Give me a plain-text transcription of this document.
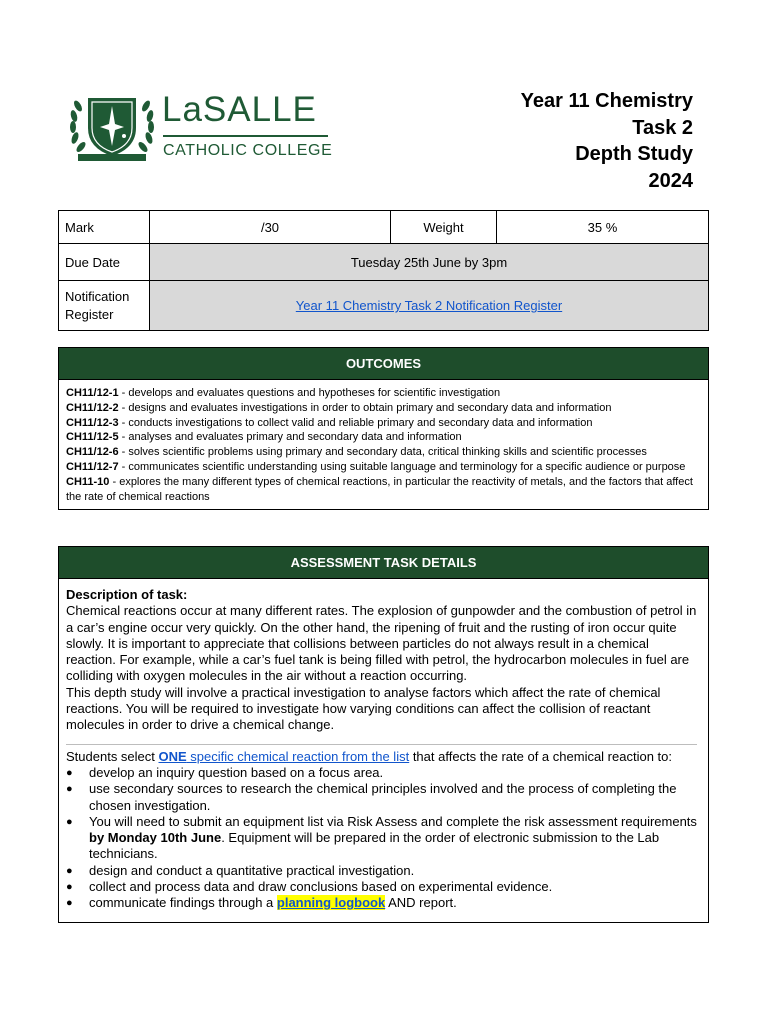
LaSALLE
CATHOLIC COLLEGE
Year 11 Chemistry
Task 2
Depth Study
2024
Mark	/30	Weight	35 %
Due Date	Tuesday 25th June by 3pm		
Notification
Register	Year 11 Chemistry Task 2 Notification Register		
OUTCOMES
CH11/12-1 - develops and evaluates questions and hypotheses for scientific investigation
CH11/12-2 - designs and evaluates investigations in order to obtain primary and secondary data and information
CH11/12-3 - conducts investigations to collect valid and reliable primary and secondary data and information
CH11/12-5 - analyses and evaluates primary and secondary data and information
CH11/12-6 - solves scientific problems using primary and secondary data, critical thinking skills and scientific processes
CH11/12-7 - communicates scientific understanding using suitable language and terminology for a specific audience or purpose
CH11-10 - explores the many different types of chemical reactions, in particular the reactivity of metals, and the factors that affect the rate of chemical reactions
ASSESSMENT TASK DETAILS

Description of task:

Chemical reactions occur at many different rates. The explosion of gunpowder and the combustion of petrol in a car’s engine occur very quickly. On the other hand, the ripening of fruit and the rusting of iron occur quite slowly. It is important to appreciate that collisions between particles do not always result in a chemical reaction. For example, while a car’s fuel tank is being filled with petrol, the hydrocarbon molecules in fuel are colliding with oxygen molecules in the air without a reaction occurring.

This depth study will involve a practical investigation to analyse factors which affect the rate of chemical reactions. You will be required to investigate how varying conditions can affect the collision of reactant molecules in order to drive a chemical change.

Students select ONE specific chemical reaction from the list that affects the rate of a chemical reaction to:

● develop an inquiry question based on a focus area.
● use secondary sources to research the chemical principles involved and the process of completing the chosen investigation.
● You will need to submit an equipment list via Risk Assess and complete the risk assessment requirements by Monday 10th June. Equipment will be prepared in the order of electronic submission to the Lab technicians.
● design and conduct a quantitative practical investigation.
● collect and process data and draw conclusions based on experimental evidence.
● communicate findings through a planning logbook AND report.
